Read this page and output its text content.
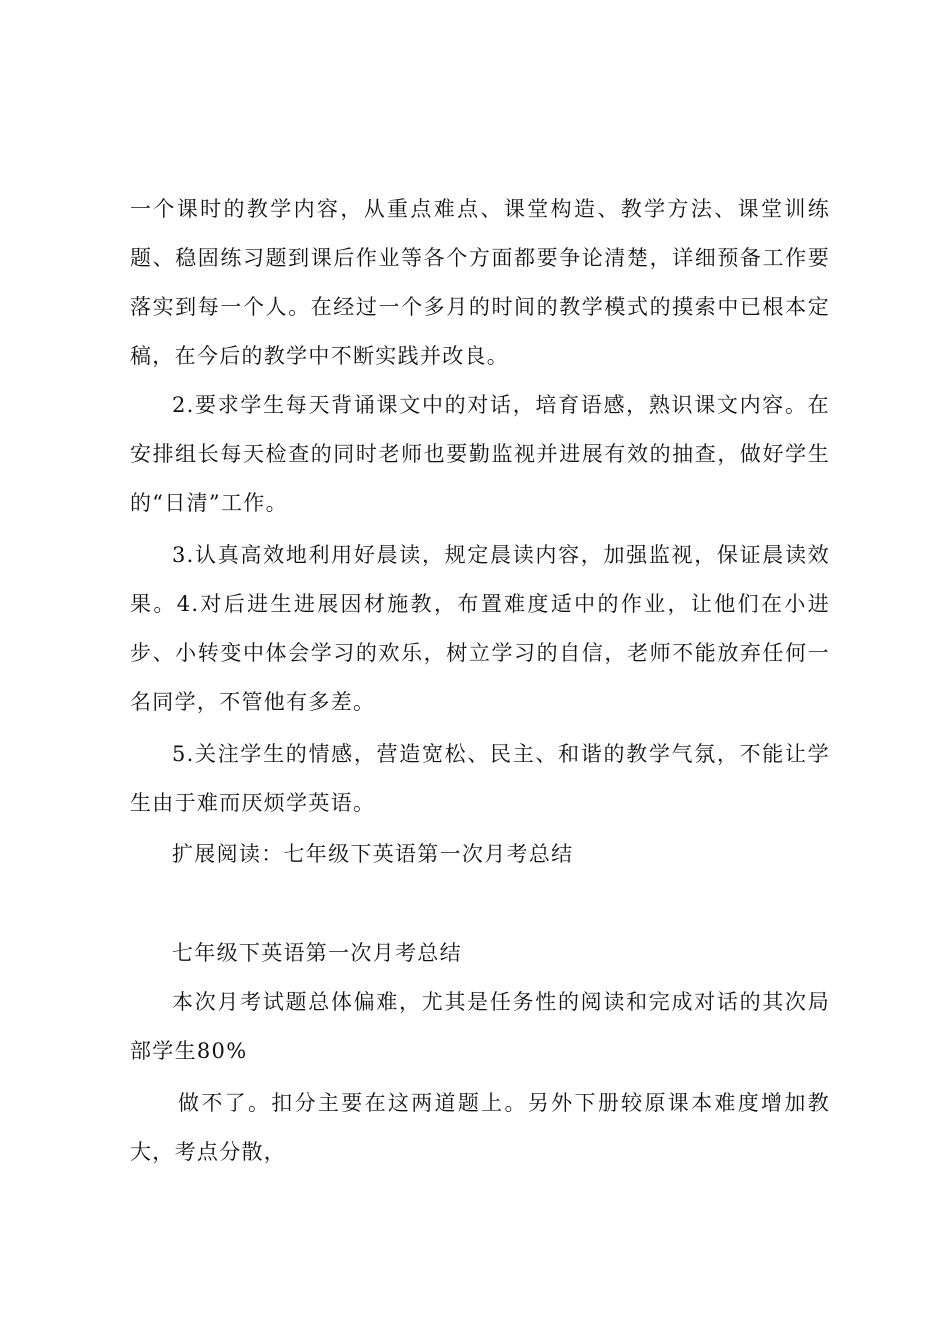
一个课时的教学内容，从重点难点、课堂构造、教学方法、课堂训练
题、稳固练习题到课后作业等各个方面都要争论清楚，详细预备工作要
落实到每一个人。在经过一个多月的时间的教学模式的摸索中已根本定
稿，在今后的教学中不断实践并改良。
2.要求学生每天背诵课文中的对话，培育语感，熟识课文内容。在
安排组长每天检查的同时老师也要勤监视并进展有效的抽查，做好学生
的“日清”工作。
3.认真高效地利用好晨读，规定晨读内容，加强监视，保证晨读效
果。4.对后进生进展因材施教，布置难度适中的作业，让他们在小进
步、小转变中体会学习的欢乐，树立学习的自信，老师不能放弃任何一
名同学，不管他有多差。
5.关注学生的情感，营造宽松、民主、和谐的教学气氛，不能让学
生由于难而厌烦学英语。
扩展阅读：七年级下英语第一次月考总结
七年级下英语第一次月考总结
本次月考试题总体偏难，尤其是任务性的阅读和完成对话的其次局
部学生80%
做不了。扣分主要在这两道题上。另外下册较原课本难度增加教
大，考点分散，
